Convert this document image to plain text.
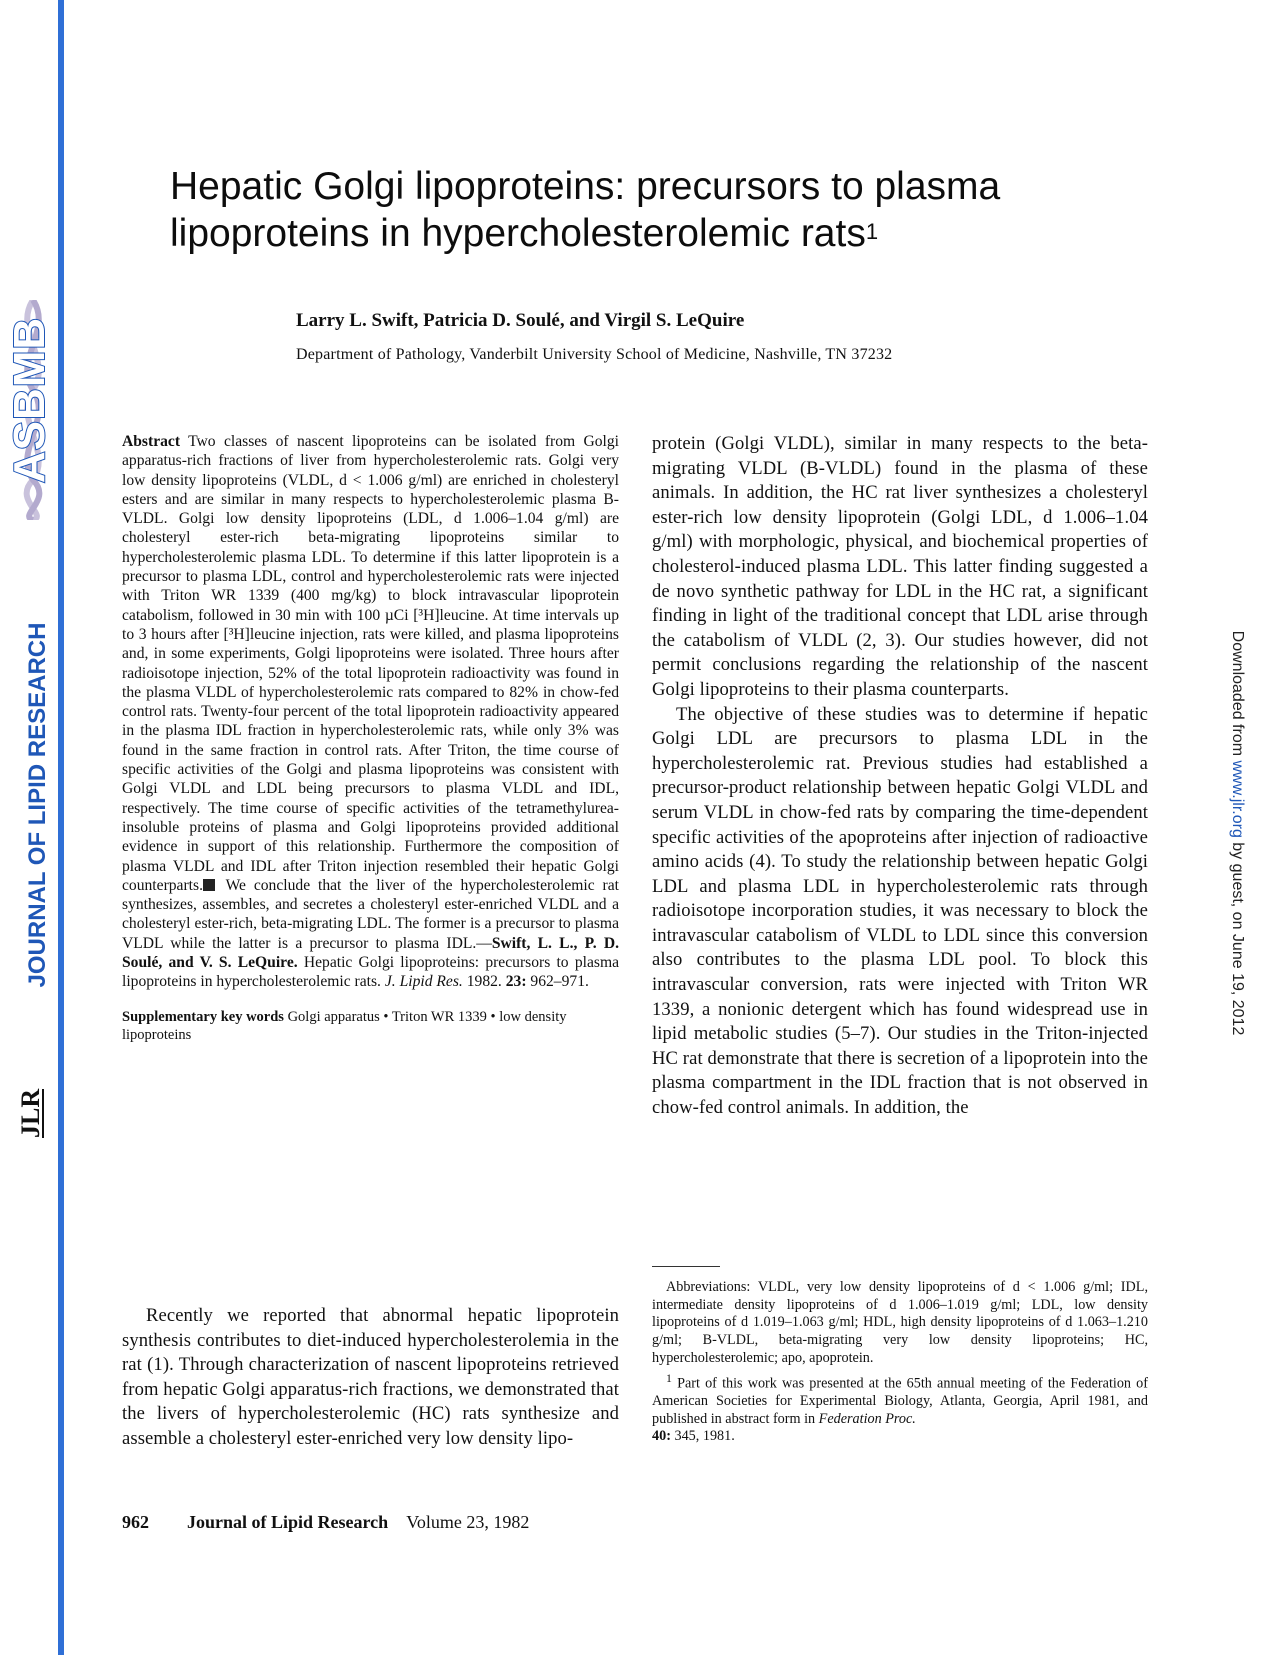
ASBMB
JOURNAL OF LIPID RESEARCH
JLR
Downloaded from www.jlr.org by guest, on June 19, 2012
Hepatic Golgi lipoproteins: precursors to plasma lipoproteins in hypercholesterolemic rats$^1$
Larry L. Swift, Patricia D. Soulé, and Virgil S. LeQuire
Department of Pathology, Vanderbilt University School of Medicine, Nashville, TN 37232

Abstract Two classes of nascent lipoproteins can be isolated from Golgi apparatus-rich fractions of liver from hypercholesterolemic rats. Golgi very low density lipoproteins (VLDL, d < 1.006 g/ml) are enriched in cholesteryl esters and are similar in many respects to hypercholesterolemic plasma B-VLDL. Golgi low density lipoproteins (LDL, d 1.006–1.04 g/ml) are cholesteryl ester-rich beta-migrating lipoproteins similar to hypercholesterolemic plasma LDL. To determine if this latter lipoprotein is a precursor to plasma LDL, control and hypercholesterolemic rats were injected with Triton WR 1339 (400 mg/kg) to block intravascular lipoprotein catabolism, followed in 30 min with 100 µCi [³H]leucine. At time intervals up to 3 hours after [³H]leucine injection, rats were killed, and plasma lipoproteins and, in some experiments, Golgi lipoproteins were isolated. Three hours after radioisotope injection, 52% of the total lipoprotein radioactivity was found in the plasma VLDL of hypercholesterolemic rats compared to 82% in chow-fed control rats. Twenty-four percent of the total lipoprotein radioactivity appeared in the plasma IDL fraction in hypercholesterolemic rats, while only 3% was found in the same fraction in control rats. After Triton, the time course of specific activities of the Golgi and plasma lipoproteins was consistent with Golgi VLDL and LDL being precursors to plasma VLDL and IDL, respectively. The time course of specific activities of the tetramethylurea-insoluble proteins of plasma and Golgi lipoproteins provided additional evidence in support of this relationship. Furthermore the composition of plasma VLDL and IDL after Triton injection resembled their hepatic Golgi counterparts. We conclude that the liver of the hypercholesterolemic rat synthesizes, assembles, and secretes a cholesteryl ester-enriched VLDL and a cholesteryl ester-rich, beta-migrating LDL. The former is a precursor to plasma VLDL while the latter is a precursor to plasma IDL.—Swift, L. L., P. D. Soulé, and V. S. LeQuire. Hepatic Golgi lipoproteins: precursors to plasma lipoproteins in hypercholesterolemic rats. J. Lipid Res. 1982. 23: 962–971.

Supplementary key words Golgi apparatus • Triton WR 1339 • low density lipoproteins

Recently we reported that abnormal hepatic lipoprotein synthesis contributes to diet-induced hypercholesterolemia in the rat (1). Through characterization of nascent lipoproteins retrieved from hepatic Golgi apparatus-rich fractions, we demonstrated that the livers of hypercholesterolemic (HC) rats synthesize and assemble a cholesteryl ester-enriched very low density lipo-

protein (Golgi VLDL), similar in many respects to the beta-migrating VLDL (B-VLDL) found in the plasma of these animals. In addition, the HC rat liver synthesizes a cholesteryl ester-rich low density lipoprotein (Golgi LDL, d 1.006–1.04 g/ml) with morphologic, physical, and biochemical properties of cholesterol-induced plasma LDL. This latter finding suggested a de novo synthetic pathway for LDL in the HC rat, a significant finding in light of the traditional concept that LDL arise through the catabolism of VLDL (2, 3). Our studies however, did not permit conclusions regarding the relationship of the nascent Golgi lipoproteins to their plasma counterparts.

The objective of these studies was to determine if hepatic Golgi LDL are precursors to plasma LDL in the hypercholesterolemic rat. Previous studies had established a precursor-product relationship between hepatic Golgi VLDL and serum VLDL in chow-fed rats by comparing the time-dependent specific activities of the apoproteins after injection of radioactive amino acids (4). To study the relationship between hepatic Golgi LDL and plasma LDL in hypercholesterolemic rats through radioisotope incorporation studies, it was necessary to block the intravascular catabolism of VLDL to LDL since this conversion also contributes to the plasma LDL pool. To block this intravascular conversion, rats were injected with Triton WR 1339, a nonionic detergent which has found widespread use in lipid metabolic studies (5–7). Our studies in the Triton-injected HC rat demonstrate that there is secretion of a lipoprotein into the plasma compartment in the IDL fraction that is not observed in chow-fed control animals. In addition, the

Abbreviations: VLDL, very low density lipoproteins of d < 1.006 g/ml; IDL, intermediate density lipoproteins of d 1.006–1.019 g/ml; LDL, low density lipoproteins of d 1.019–1.063 g/ml; HDL, high density lipoproteins of d 1.063–1.210 g/ml; B-VLDL, beta-migrating very low density lipoproteins; HC, hypercholesterolemic; apo, apoprotein.

$^1$ Part of this work was presented at the 65th annual meeting of the Federation of American Societies for Experimental Biology, Atlanta, Georgia, April 1981, and published in abstract form in Federation Proc.
40: 345, 1981.

962 Journal of Lipid Research Volume 23, 1982
